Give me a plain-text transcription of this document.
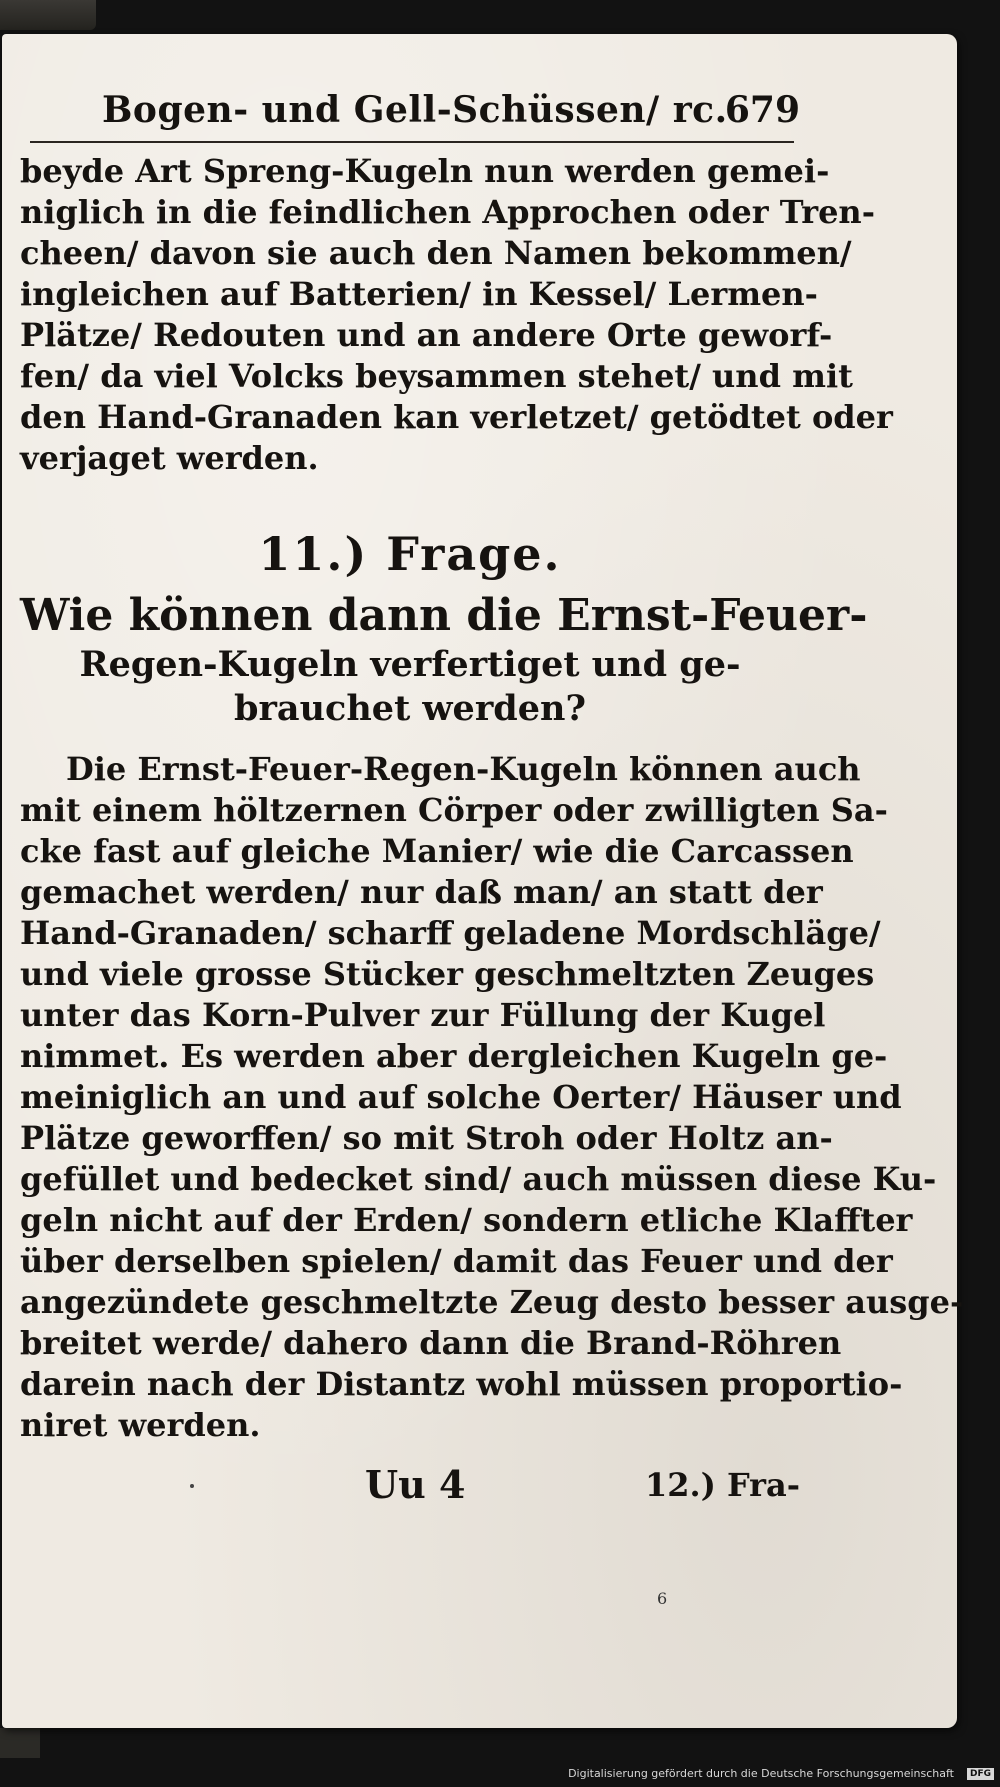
Bogen- und Gell-Schüssen/ rc.
679
beyde Art Spreng-Kugeln nun werden gemei-
niglich in die feindlichen Approchen oder Tren-
cheen/ davon sie auch den Namen bekommen/
ingleichen auf Batterien/ in Kessel/ Lermen-
Plätze/ Redouten und an andere Orte geworf-
fen/ da viel Volcks beysammen stehet/ und mit
den Hand-Granaden kan verletzet/ getödtet oder
verjaget werden.
11.) Frage.
Wie können dann die Ernst-Feuer-
Regen-Kugeln verfertiget und ge-
brauchet werden?
Die Ernst-Feuer-Regen-Kugeln können auch
mit einem höltzernen Cörper oder zwilligten Sa-
cke fast auf gleiche Manier/ wie die Carcassen
gemachet werden/ nur daß man/ an statt der
Hand-Granaden/ scharff geladene Mordschläge/
und viele grosse Stücker geschmeltzten Zeuges
unter das Korn-Pulver zur Füllung der Kugel
nimmet. Es werden aber dergleichen Kugeln ge-
meiniglich an und auf solche Oerter/ Häuser und
Plätze geworffen/ so mit Stroh oder Holtz an-
gefüllet und bedecket sind/ auch müssen diese Ku-
geln nicht auf der Erden/ sondern etliche Klaffter
über derselben spielen/ damit das Feuer und der
angezündete geschmeltzte Zeug desto besser ausge-
breitet werde/ dahero dann die Brand-Röhren
darein nach der Distantz wohl müssen proportio-
niret werden.
Uu 4	12.) Fra-
6
Digitalisierung gefördert durch die Deutsche Forschungsgemeinschaft	DFG
